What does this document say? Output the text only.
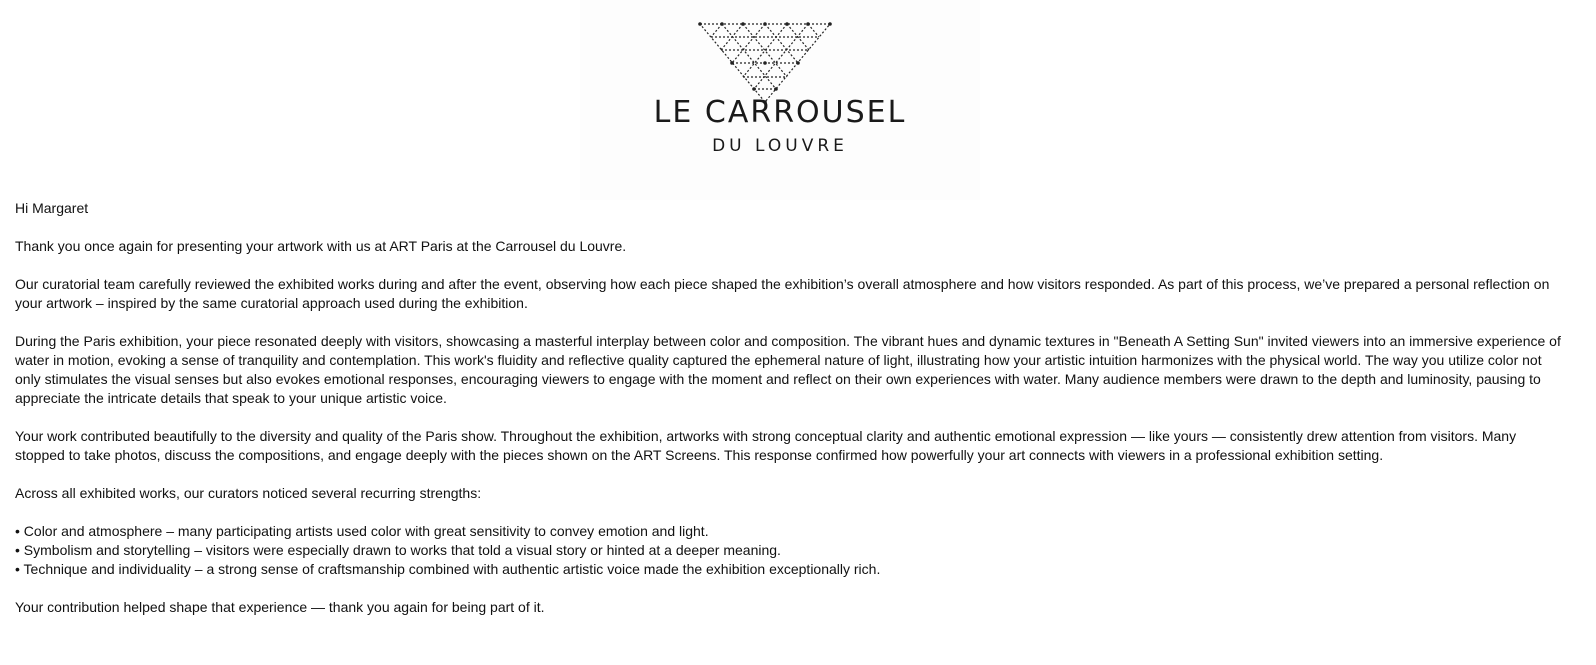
LE CARROUSEL
DU LOUVRE

Hi Margaret

Thank you once again for presenting your artwork with us at ART Paris at the Carrousel du Louvre.

Our curatorial team carefully reviewed the exhibited works during and after the event, observing how each piece shaped the exhibition’s overall atmosphere and how visitors responded. As part of this process, we’ve prepared a personal reflection on your artwork – inspired by the same curatorial approach used during the exhibition.

During the Paris exhibition, your piece resonated deeply with visitors, showcasing a masterful interplay between color and composition. The vibrant hues and dynamic textures in "Beneath A Setting Sun" invited viewers into an immersive experience of water in motion, evoking a sense of tranquility and contemplation. This work's fluidity and reflective quality captured the ephemeral nature of light, illustrating how your artistic intuition harmonizes with the physical world. The way you utilize color not only stimulates the visual senses but also evokes emotional responses, encouraging viewers to engage with the moment and reflect on their own experiences with water. Many audience members were drawn to the depth and luminosity, pausing to appreciate the intricate details that speak to your unique artistic voice.

Your work contributed beautifully to the diversity and quality of the Paris show. Throughout the exhibition, artworks with strong conceptual clarity and authentic emotional expression — like yours — consistently drew attention from visitors. Many stopped to take photos, discuss the compositions, and engage deeply with the pieces shown on the ART Screens. This response confirmed how powerfully your art connects with viewers in a professional exhibition setting.

Across all exhibited works, our curators noticed several recurring strengths:

• Color and atmosphere – many participating artists used color with great sensitivity to convey emotion and light.
• Symbolism and storytelling – visitors were especially drawn to works that told a visual story or hinted at a deeper meaning.
• Technique and individuality – a strong sense of craftsmanship combined with authentic artistic voice made the exhibition exceptionally rich.

Your contribution helped shape that experience — thank you again for being part of it.
